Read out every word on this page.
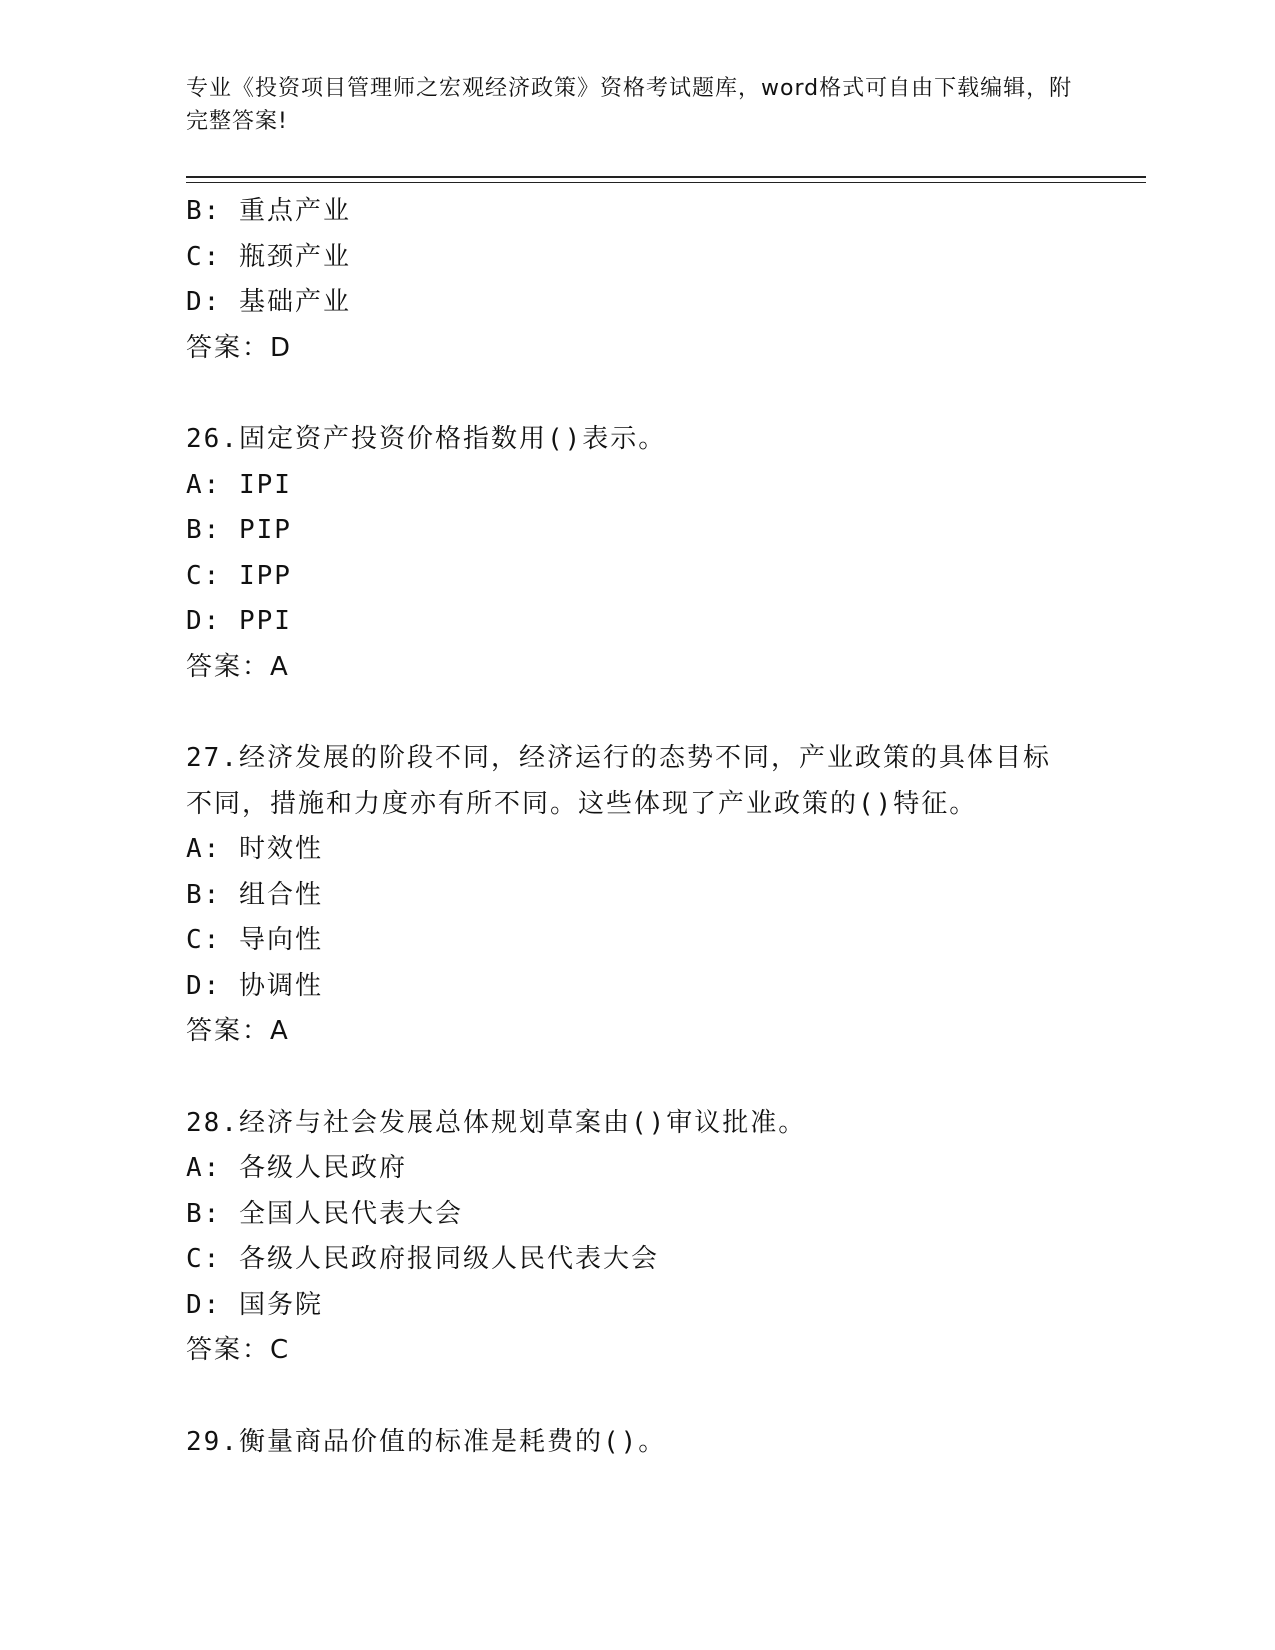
专业《投资项目管理师之宏观经济政策》资格考试题库，word格式可自由下载编辑，附完整答案!
B: 重点产业
C: 瓶颈产业
D: 基础产业
答案：D
26.固定资产投资价格指数用()表示。
A: IPI
B: PIP
C: IPP
D: PPI
答案：A
27.经济发展的阶段不同，经济运行的态势不同，产业政策的具体目标
不同，措施和力度亦有所不同。这些体现了产业政策的()特征。
A: 时效性
B: 组合性
C: 导向性
D: 协调性
答案：A
28.经济与社会发展总体规划草案由()审议批准。
A: 各级人民政府
B: 全国人民代表大会
C: 各级人民政府报同级人民代表大会
D: 国务院
答案：C
29.衡量商品价值的标准是耗费的()。
